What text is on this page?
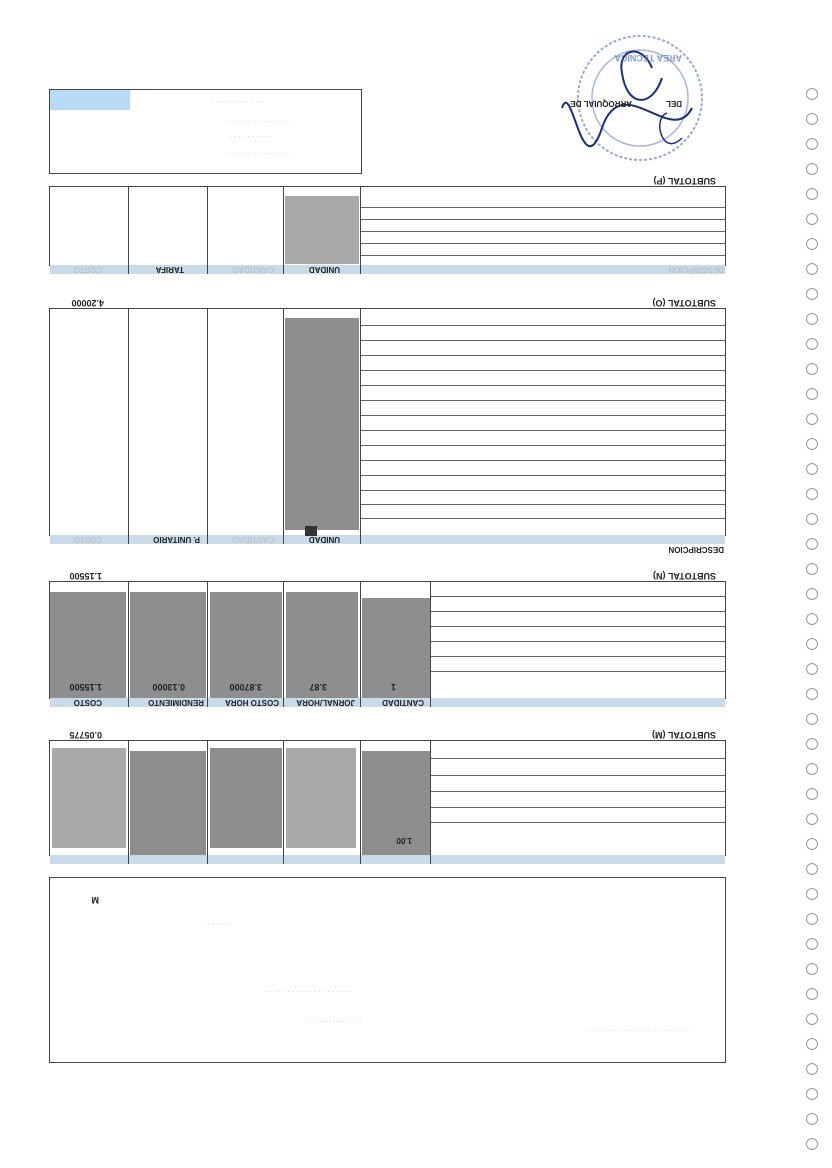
. . . . . . . . . . . . . . . . . . . . . . . .
. . . . . . . . . . . . .
. . . . . . . . . . . . . . . . . . . .
. . . . . . .
M
1.00
SUBTOTAL (M)
0.05775
CANTIDAD
JORNAL/HORA
COSTO HORA
RENDIMIENTO
COSTO
1
3.87
3.87000
0.13000
1.15500
SUBTOTAL (N)
1.15500
DESCRIPCION
UNIDAD
CANTIDAD
P. UNITARIO
COSTO
SUBTOTAL (O)
4.20000
DESCRIPCION
UNIDAD
CANTIDAD
TARIFA
COSTO
SUBTOTAL (P)
. . . . . . . . . . . .
. . . . . . . . . . . . . . .
. . . . . . . . . .
. . . . . . . . . . . . . . .
ARROQUIAL DE	DEL
AREA TECNICA
